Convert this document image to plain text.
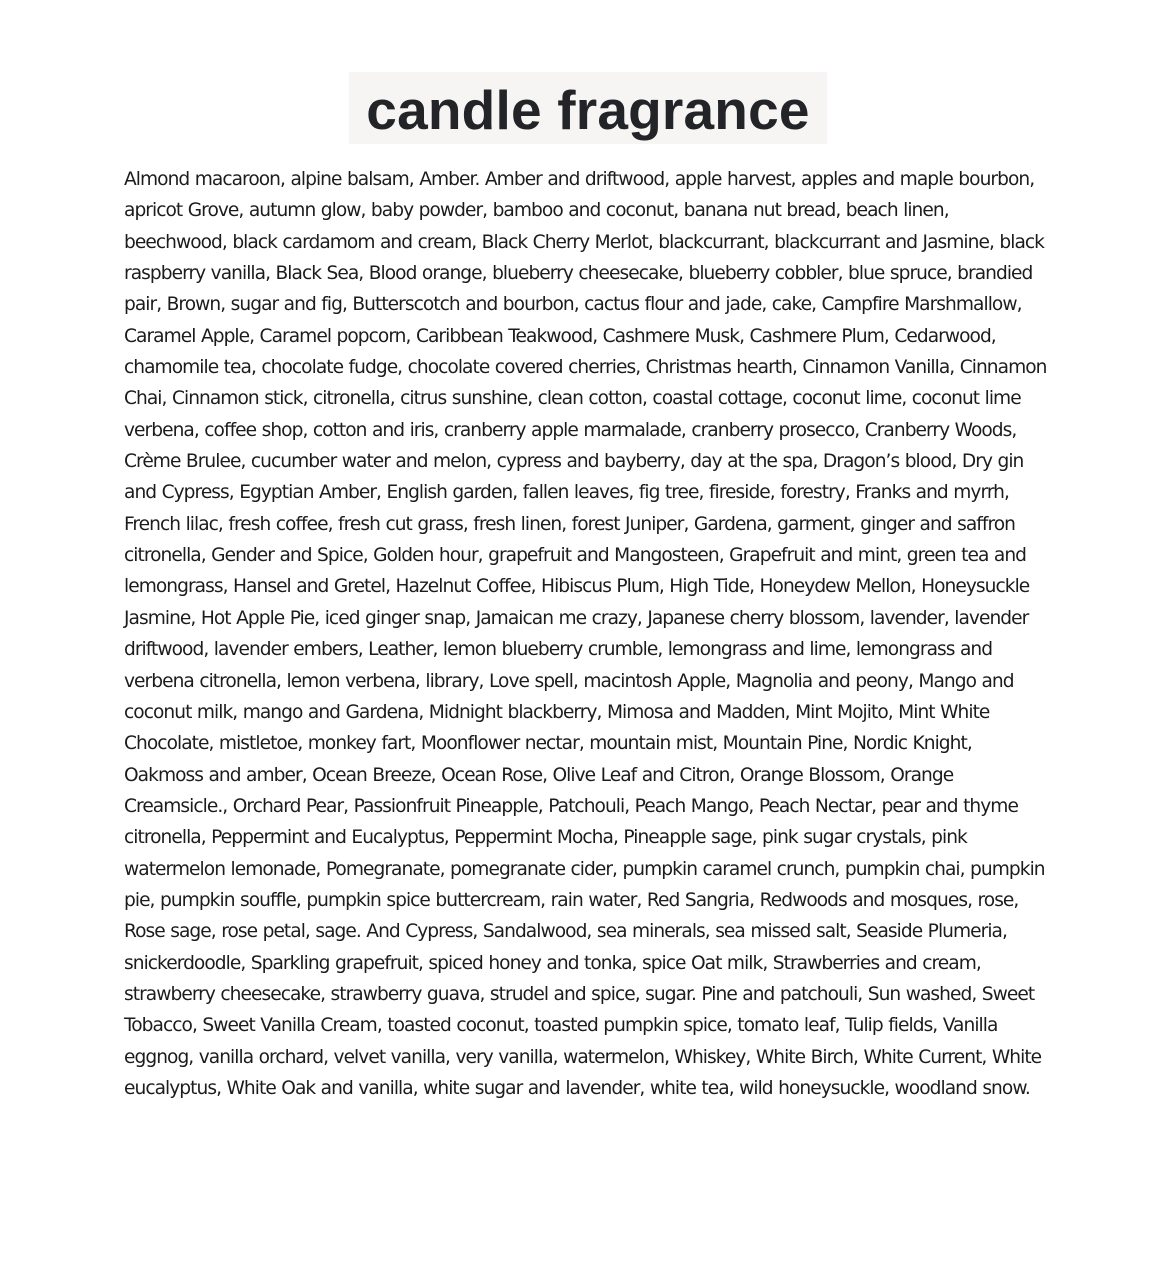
candle fragrance

Almond macaroon, alpine balsam, Amber. Amber and driftwood, apple harvest, apples and maple bourbon, apricot Grove, autumn glow, baby powder, bamboo and coconut, banana nut bread, beach linen, beechwood, black cardamom and cream, Black Cherry Merlot, blackcurrant, blackcurrant and Jasmine, black raspberry vanilla, Black Sea, Blood orange, blueberry cheesecake, blueberry cobbler, blue spruce, brandied pair, Brown, sugar and fig, Butterscotch and bourbon, cactus flour and jade, cake, Campfire Marshmallow, Caramel Apple, Caramel popcorn, Caribbean Teakwood, Cashmere Musk, Cashmere Plum, Cedarwood, chamomile tea, chocolate fudge, chocolate covered cherries, Christmas hearth, Cinnamon Vanilla, Cinnamon Chai, Cinnamon stick, citronella, citrus sunshine, clean cotton, coastal cottage, coconut lime, coconut lime verbena, coffee shop, cotton and iris, cranberry apple marmalade, cranberry prosecco, Cranberry Woods, Crème Brulee, cucumber water and melon, cypress and bayberry, day at the spa, Dragon’s blood, Dry gin and Cypress, Egyptian Amber, English garden, fallen leaves, fig tree, fireside, forestry, Franks and myrrh, French lilac, fresh coffee, fresh cut grass, fresh linen, forest Juniper, Gardena, garment, ginger and saffron citronella, Gender and Spice, Golden hour, grapefruit and Mangosteen, Grapefruit and mint, green tea and lemongrass, Hansel and Gretel, Hazelnut Coffee, Hibiscus Plum, High Tide, Honeydew Mellon, Honeysuckle Jasmine, Hot Apple Pie, iced ginger snap, Jamaican me crazy, Japanese cherry blossom, lavender, lavender driftwood, lavender embers, Leather, lemon blueberry crumble, lemongrass and lime, lemongrass and verbena citronella, lemon verbena, library, Love spell, macintosh Apple, Magnolia and peony, Mango and coconut milk, mango and Gardena, Midnight blackberry, Mimosa and Madden, Mint Mojito, Mint White Chocolate, mistletoe, monkey fart, Moonflower nectar, mountain mist, Mountain Pine, Nordic Knight, Oakmoss and amber, Ocean Breeze, Ocean Rose, Olive Leaf and Citron, Orange Blossom, Orange Creamsicle., Orchard Pear, Passionfruit Pineapple, Patchouli, Peach Mango, Peach Nectar, pear and thyme citronella, Peppermint and Eucalyptus, Peppermint Mocha, Pineapple sage, pink sugar crystals, pink watermelon lemonade, Pomegranate, pomegranate cider, pumpkin caramel crunch, pumpkin chai, pumpkin pie, pumpkin souffle, pumpkin spice buttercream, rain water, Red Sangria, Redwoods and mosques, rose, Rose sage, rose petal, sage. And Cypress, Sandalwood, sea minerals, sea missed salt, Seaside Plumeria, snickerdoodle, Sparkling grapefruit, spiced honey and tonka, spice Oat milk, Strawberries and cream, strawberry cheesecake, strawberry guava, strudel and spice, sugar. Pine and patchouli, Sun washed, Sweet Tobacco, Sweet Vanilla Cream, toasted coconut, toasted pumpkin spice, tomato leaf, Tulip fields, Vanilla eggnog, vanilla orchard, velvet vanilla, very vanilla, watermelon, Whiskey, White Birch, White Current, White eucalyptus, White Oak and vanilla, white sugar and lavender, white tea, wild honeysuckle, woodland snow.
